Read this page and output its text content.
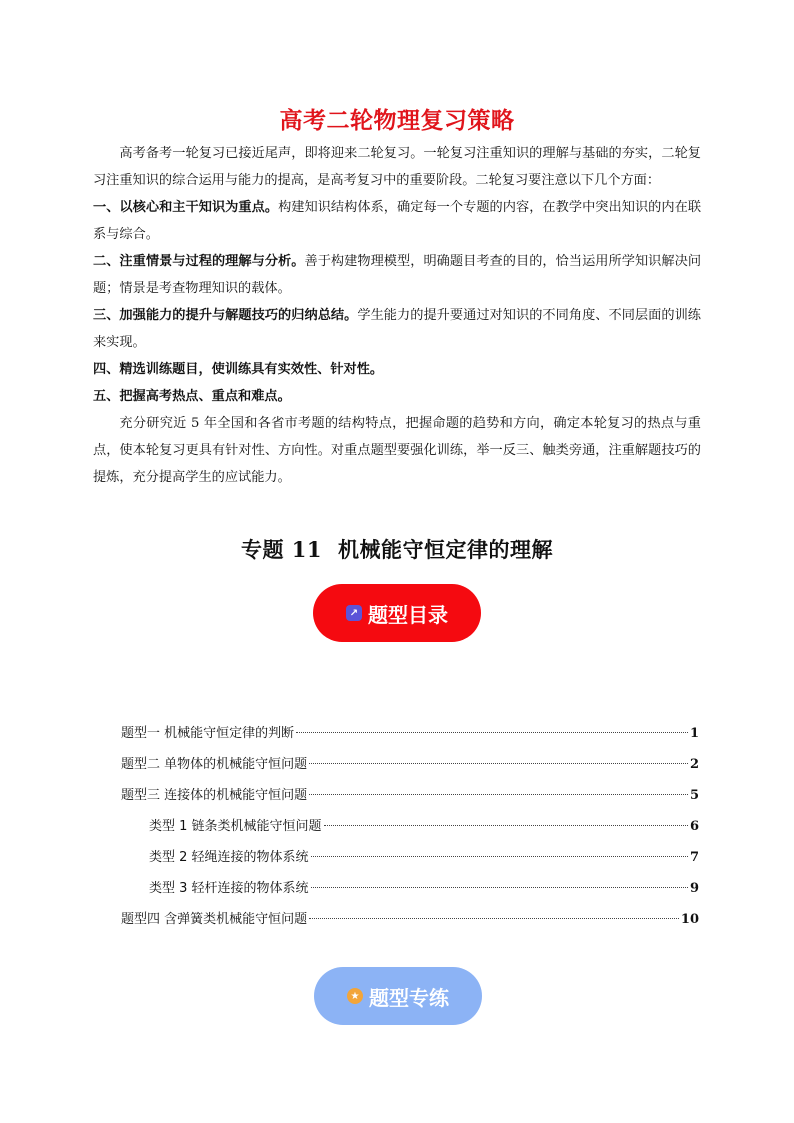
高考二轮物理复习策略

高考备考一轮复习已接近尾声，即将迎来二轮复习。一轮复习注重知识的理解与基础的夯实，二轮复习注重知识的综合运用与能力的提高，是高考复习中的重要阶段。二轮复习要注意以下几个方面：

一、以核心和主干知识为重点。构建知识结构体系，确定每一个专题的内容，在教学中突出知识的内在联系与综合。

二、注重情景与过程的理解与分析。善于构建物理模型，明确题目考查的目的，恰当运用所学知识解决问题；情景是考查物理知识的载体。

三、加强能力的提升与解题技巧的归纳总结。学生能力的提升要通过对知识的不同角度、不同层面的训练来实现。

四、精选训练题目，使训练具有实效性、针对性。

五、把握高考热点、重点和难点。

充分研究近 5 年全国和各省市考题的结构特点，把握命题的趋势和方向，确定本轮复习的热点与重点，使本轮复习更具有针对性、方向性。对重点题型要强化训练，举一反三、触类旁通，注重解题技巧的提炼，充分提高学生的应试能力。

专题 11 机械能守恒定律的理解
↗ 题型目录
题型一 机械能守恒定律的判断	1
题型二 单物体的机械能守恒问题	2
题型三 连接体的机械能守恒问题	5
类型 1 链条类机械能守恒问题	6
类型 2 轻绳连接的物体系统	7
类型 3 轻杆连接的物体系统	9
题型四 含弹簧类机械能守恒问题	10
★ 题型专练
